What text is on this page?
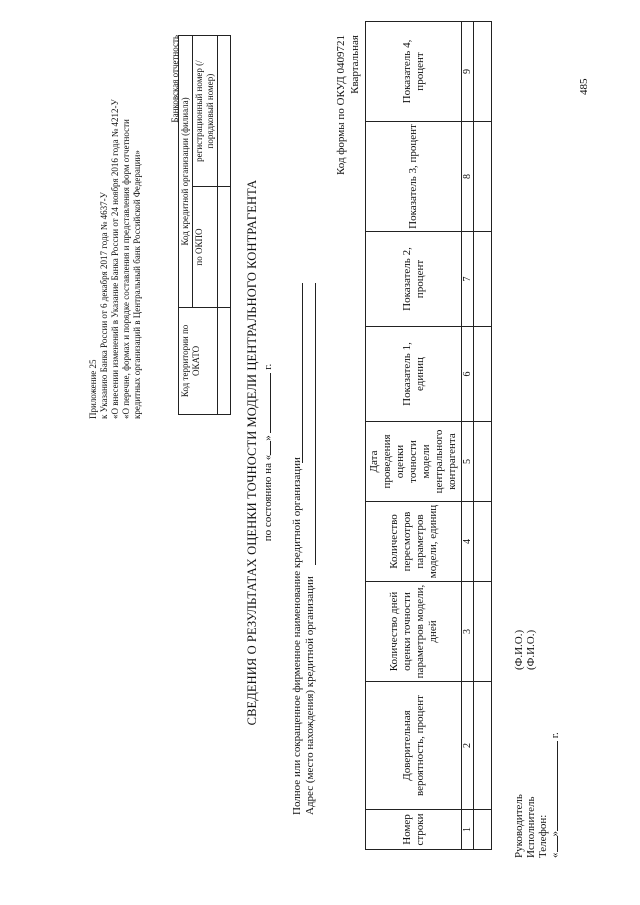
Приложение 25 к Указанию Банка России от 6 декабря 2017 года № 4637-У «О внесении изменений в Указание Банка России от 24 ноября 2016 года № 4212-У «О перечне, формах и порядке составления и представления форм отчетности кредитных организаций в Центральный банк Российской Федерации»
Банковская отчетность
Код территории по ОКАТО	Код кредитной организации (филиала)	
	по ОКПО	регистрационный номер (/порядковый номер)

СВЕДЕНИЯ О РЕЗУЛЬТАТАХ ОЦЕНКИ ТОЧНОСТИ МОДЕЛИ ЦЕНТРАЛЬНОГО КОНТРАГЕНТА по состоянию на «»  г.
Полное или сокращенное фирменное наименование кредитной организации Адрес (место нахождения) кредитной организации
Код формы по ОКУД 0409721 Квартальная
Номер строки	Доверительная вероятность, процент	Количество дней оценки точности параметров модели, дней	Количество пересмотров параметров модели, единиц	Дата проведения оценки точности модели центрального контрагента	Показатель 1, единиц	Показатель 2, процент	Показатель 3, процент	Показатель 4, процент
1	2	3	4	5	6	7	8	9

Руководитель Исполнитель Телефон: «» г.
(Ф.И.О.) (Ф.И.О.)
485
